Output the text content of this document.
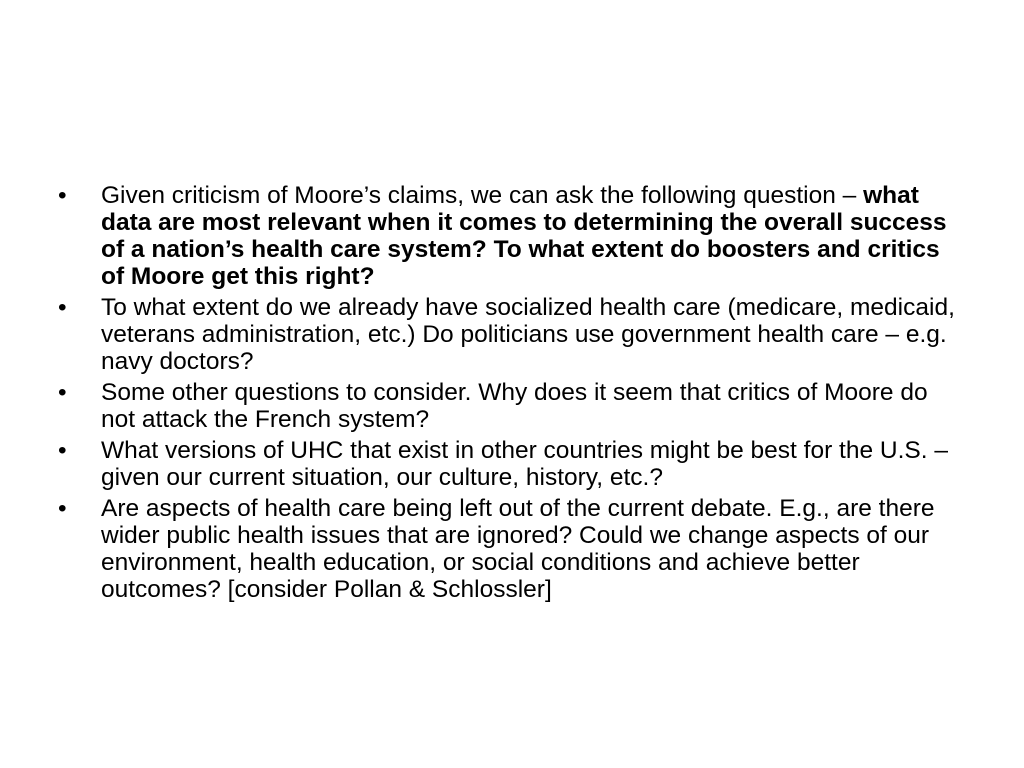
•	Given criticism of Moore’s claims, we can ask the following question – what data are most relevant when it comes to determining the overall success of a nation’s health care system? To what extent do boosters and critics of Moore get this right?
•	To what extent do we already have socialized health care (medicare, medicaid, veterans administration, etc.) Do politicians use government health care – e.g. navy doctors?
•	Some other questions to consider. Why does it seem that critics of Moore do not attack the French system?
•	What versions of UHC that exist in other countries might be best for the U.S. – given our current situation, our culture, history, etc.?
•	Are aspects of health care being left out of the current debate. E.g., are there wider public health issues that are ignored? Could we change aspects of our environment, health education, or social conditions and achieve better outcomes? [consider Pollan & Schlossler]
